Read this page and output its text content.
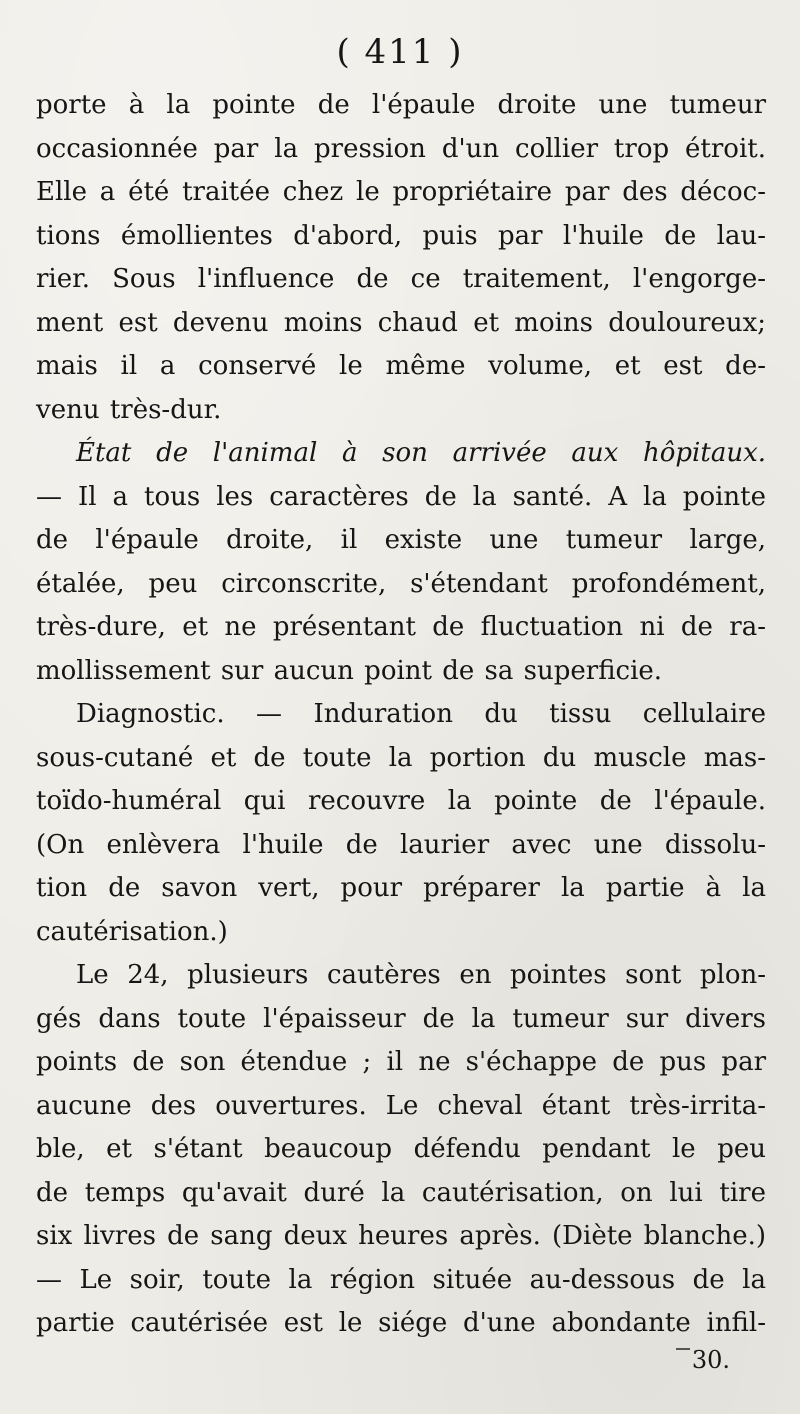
( 411 )
porte à la pointe de l'épaule droite une tumeur
occasionnée par la pression d'un collier trop étroit.
Elle a été traitée chez le propriétaire par des décoc-
tions émollientes d'abord, puis par l'huile de lau-
rier. Sous l'influence de ce traitement, l'engorge-
ment est devenu moins chaud et moins douloureux;
mais il a conservé le même volume, et est de-
venu très-dur.
État de l'animal à son arrivée aux hôpitaux.
— Il a tous les caractères de la santé. A la pointe
de l'épaule droite, il existe une tumeur large,
étalée, peu circonscrite, s'étendant profondément,
très-dure, et ne présentant de fluctuation ni de ra-
mollissement sur aucun point de sa superficie.
Diagnostic. — Induration du tissu cellulaire
sous-cutané et de toute la portion du muscle mas-
toïdo-huméral qui recouvre la pointe de l'épaule.
(On enlèvera l'huile de laurier avec une dissolu-
tion de savon vert, pour préparer la partie à la
cautérisation.)
Le 24, plusieurs cautères en pointes sont plon-
gés dans toute l'épaisseur de la tumeur sur divers
points de son étendue ; il ne s'échappe de pus par
aucune des ouvertures. Le cheval étant très-irrita-
ble, et s'étant beaucoup défendu pendant le peu
de temps qu'avait duré la cautérisation, on lui tire
six livres de sang deux heures après. (Diète blanche.)
— Le soir, toute la région située au-dessous de la
partie cautérisée est le siége d'une abondante infil-
30.
